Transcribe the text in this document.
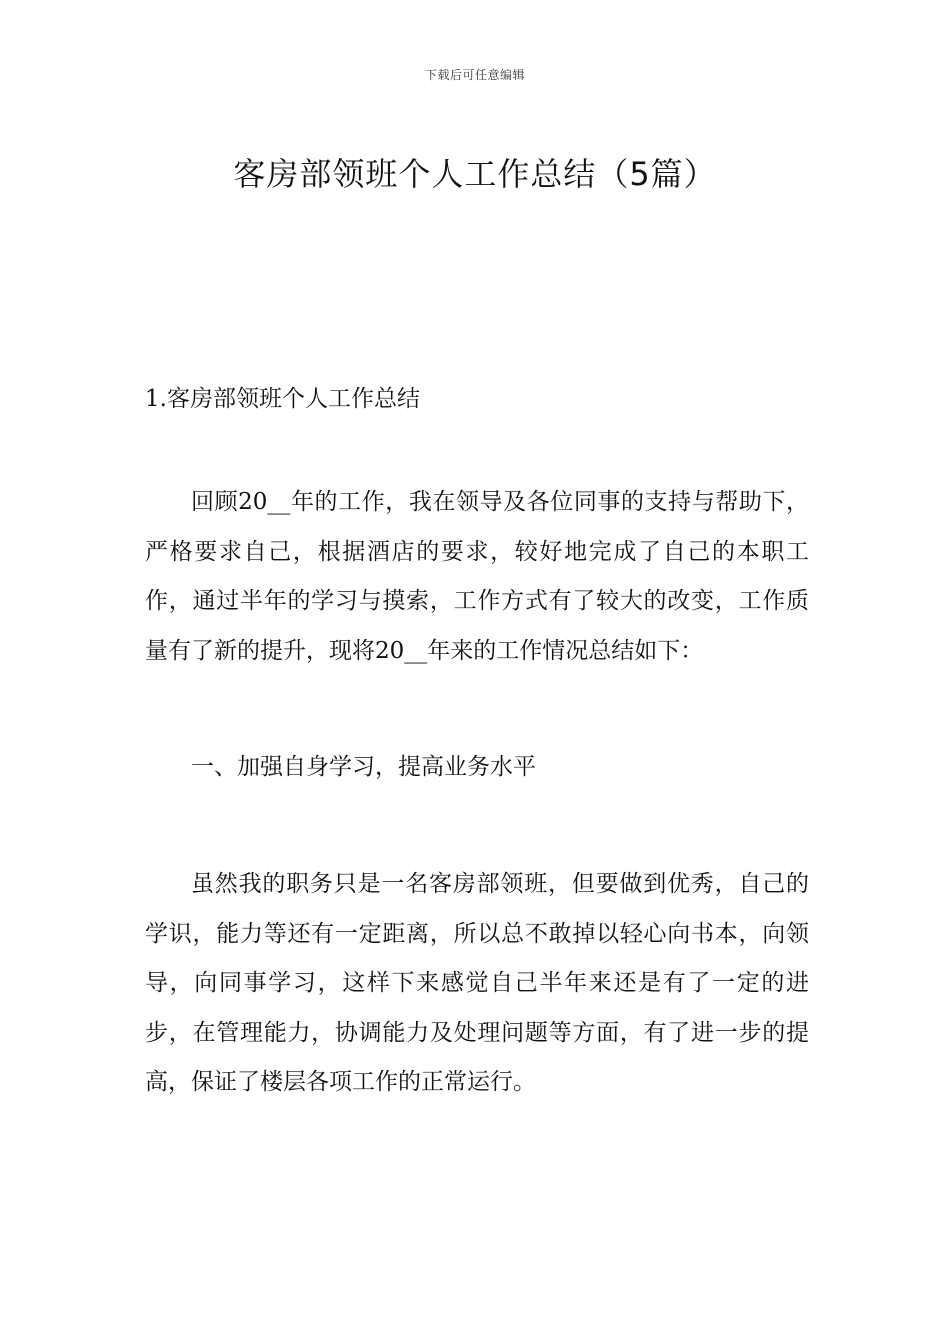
下载后可任意编辑
客房部领班个人工作总结（5篇）

1.客房部领班个人工作总结

回顾20__年的工作，我在领导及各位同事的支持与帮助下，严格要求自己，根据酒店的要求，较好地完成了自己的本职工作，通过半年的学习与摸索，工作方式有了较大的改变，工作质量有了新的提升，现将20__年来的工作情况总结如下：

一、加强自身学习，提高业务水平

虽然我的职务只是一名客房部领班，但要做到优秀，自己的学识，能力等还有一定距离，所以总不敢掉以轻心向书本，向领导，向同事学习，这样下来感觉自己半年来还是有了一定的进步，在管理能力，协调能力及处理问题等方面，有了进一步的提高，保证了楼层各项工作的正常运行。
